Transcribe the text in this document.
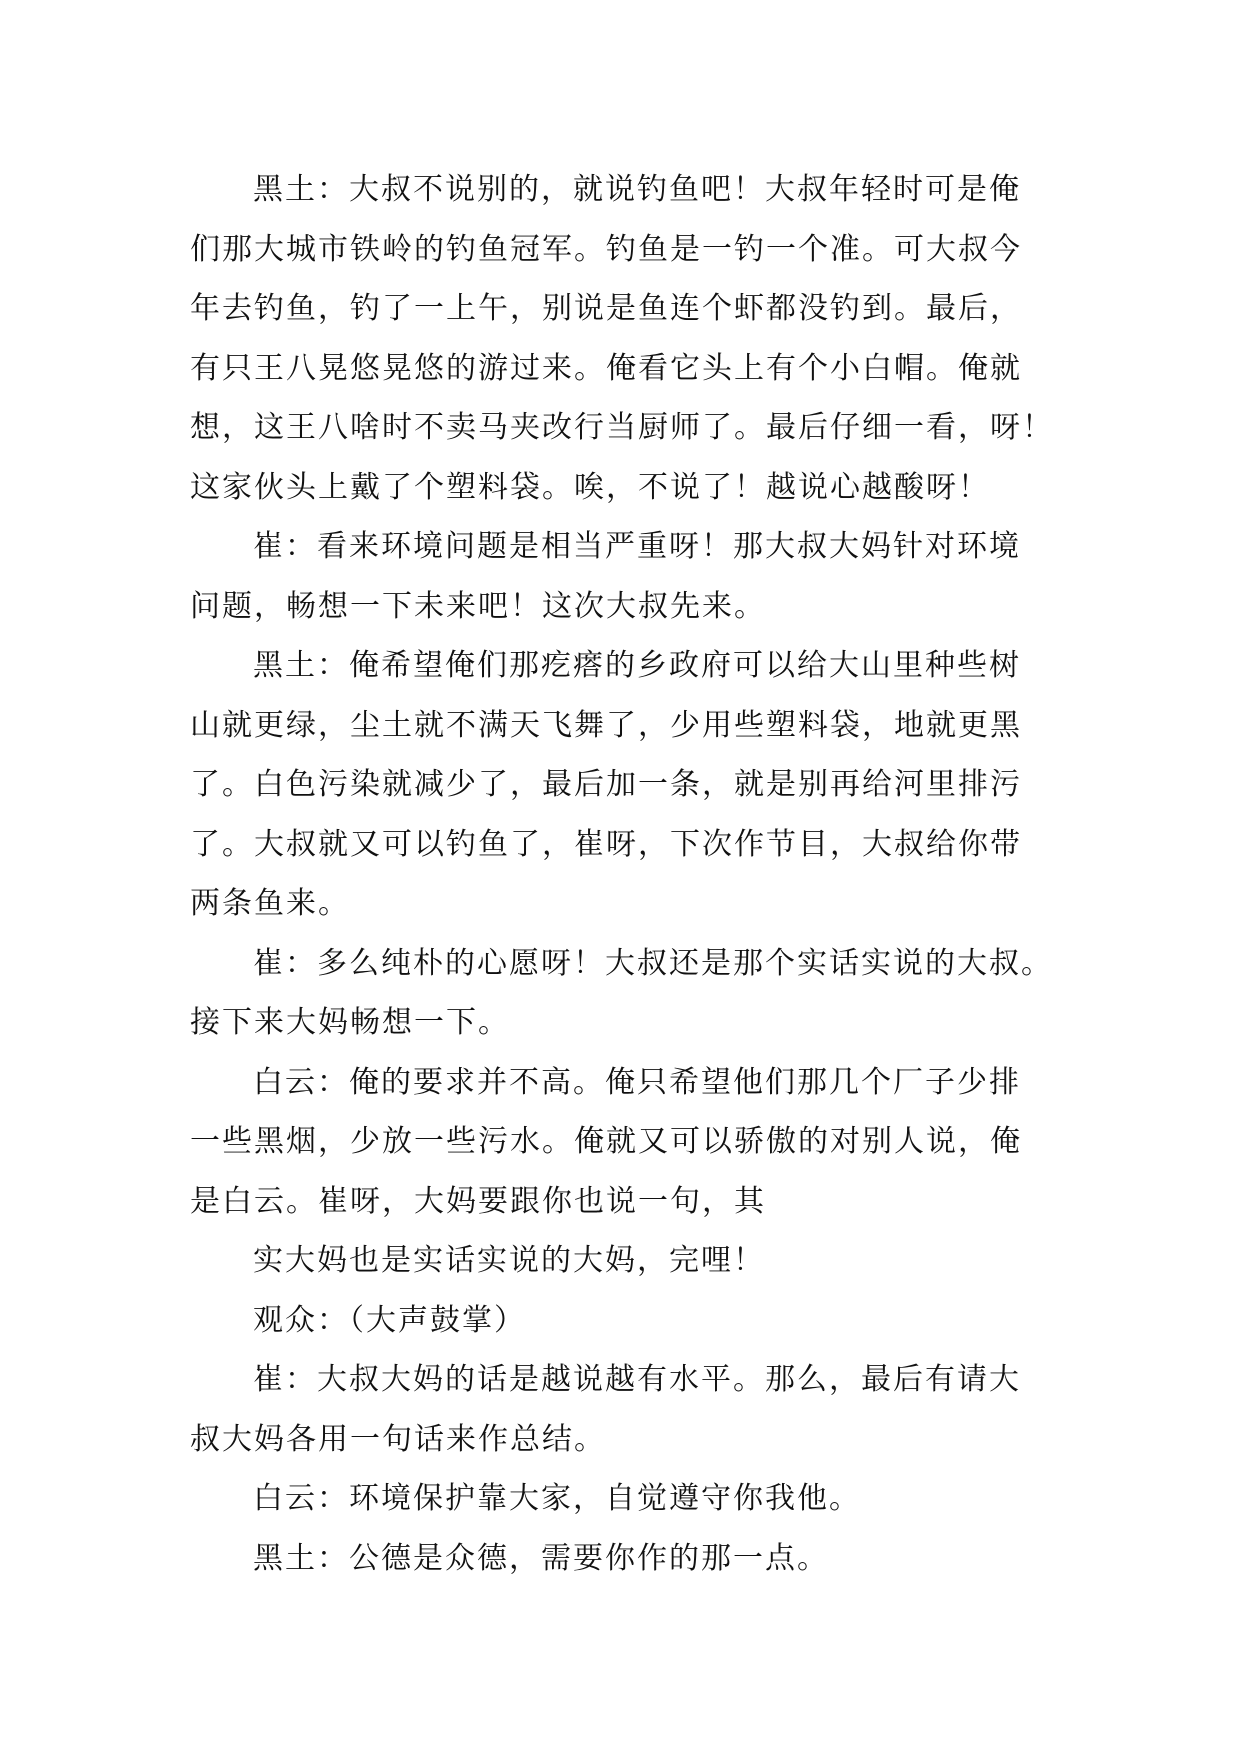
黑土：大叔不说别的，就说钓鱼吧！大叔年轻时可是俺
们那大城市铁岭的钓鱼冠军。钓鱼是一钓一个准。可大叔今
年去钓鱼，钓了一上午，别说是鱼连个虾都没钓到。最后，
有只王八晃悠晃悠的游过来。俺看它头上有个小白帽。俺就
想，这王八啥时不卖马夹改行当厨师了。最后仔细一看，呀！
这家伙头上戴了个塑料袋。唉，不说了！越说心越酸呀！
崔：看来环境问题是相当严重呀！那大叔大妈针对环境
问题，畅想一下未来吧！这次大叔先来。
黑土：俺希望俺们那疙瘩的乡政府可以给大山里种些树
山就更绿，尘土就不满天飞舞了，少用些塑料袋，地就更黑
了。白色污染就减少了，最后加一条，就是别再给河里排污
了。大叔就又可以钓鱼了，崔呀，下次作节目，大叔给你带
两条鱼来。
崔：多么纯朴的心愿呀！大叔还是那个实话实说的大叔。
接下来大妈畅想一下。
白云：俺的要求并不高。俺只希望他们那几个厂子少排
一些黑烟，少放一些污水。俺就又可以骄傲的对别人说，俺
是白云。崔呀，大妈要跟你也说一句，其
实大妈也是实话实说的大妈，完哩！
观众：（大声鼓掌）
崔：大叔大妈的话是越说越有水平。那么，最后有请大
叔大妈各用一句话来作总结。
白云：环境保护靠大家，自觉遵守你我他。
黑土：公德是众德，需要你作的那一点。
